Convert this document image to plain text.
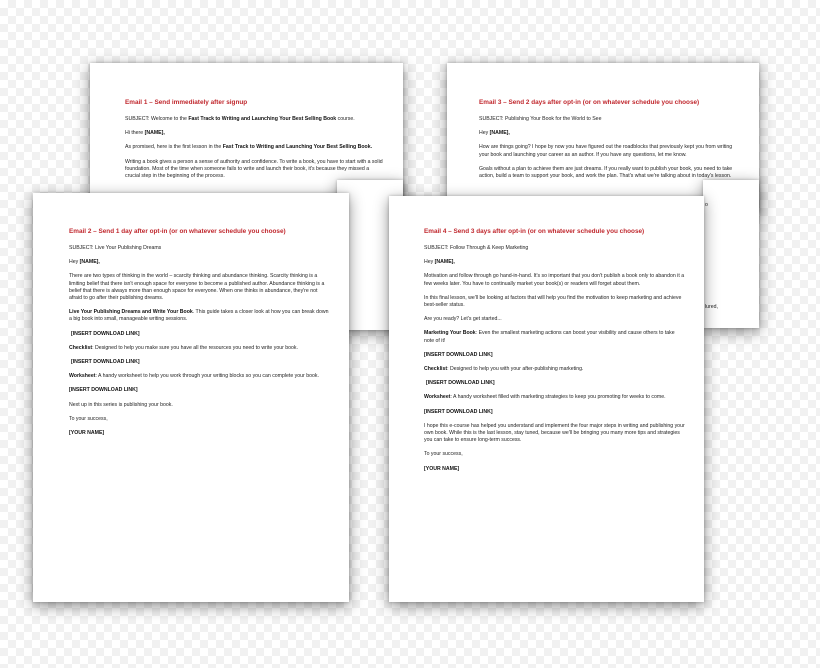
Email 1 – Send immediately after signup
SUBJECT: Welcome to the Fast Track to Writing and Launching Your Best Selling Book course.
Hi there [NAME],
As promised, here is the first lesson in the Fast Track to Writing and Launching Your Best Selling Book.
Writing a book gives a person a sense of authority and confidence. To write a book, you have to start with a solid foundation. Most of the time when someone fails to write and launch their book, it's because they missed a crucial step in the beginning of the process.
Email 3 – Send 2 days after opt-in (or on whatever schedule you choose)
SUBJECT: Publishing Your Book for the World to See
Hey [NAME],
How are things going? I hope by now you have figured out the roadblocks that previously kept you from writing your book and launching your career as an author. If you have any questions, let me know.
Goals without a plan to achieve them are just dreams. If you really want to publish your book, you need to take action, build a team to support your book, and work the plan. That's what we're talking about in today's lesson.
o
lured,
Email 2 – Send 1 day after opt-in (or on whatever schedule you choose)
SUBJECT: Live Your Publishing Dreams
Hey [NAME],
There are two types of thinking in the world – scarcity thinking and abundance thinking. Scarcity thinking is a limiting belief that there isn't enough space for everyone to become a published author. Abundance thinking is a belief that there is always more than enough space for everyone. When one thinks in abundance, they're not afraid to go after their publishing dreams.
Live Your Publishing Dreams and Write Your Book. This guide takes a closer look at how you can break down a big book into small, manageable writing sessions.
[INSERT DOWNLOAD LINK]
Checklist: Designed to help you make sure you have all the resources you need to write your book.
[INSERT DOWNLOAD LINK]
Worksheet: A handy worksheet to help you work through your writing blocks so you can complete your book.
[INSERT DOWNLOAD LINK]
Next up in this series is publishing your book.
To your success,
[YOUR NAME]
Email 4 – Send 3 days after opt-in (or on whatever schedule you choose)
SUBJECT: Follow Through & Keep Marketing
Hey [NAME],
Motivation and follow through go hand-in-hand. It's so important that you don't publish a book only to abandon it a few weeks later. You have to continually market your book(s) or readers will forget about them.
In this final lesson, we'll be looking at factors that will help you find the motivation to keep marketing and achieve best-seller status.
Are you ready? Let's get started...
Marketing Your Book: Even the smallest marketing actions can boost your visibility and cause others to take note of it!
[INSERT DOWNLOAD LINK]
Checklist: Designed to help you with your after-publishing marketing.
[INSERT DOWNLOAD LINK]
Worksheet: A handy worksheet filled with marketing strategies to keep you promoting for weeks to come.
[INSERT DOWNLOAD LINK]
I hope this e-course has helped you understand and implement the four major steps in writing and publishing your own book. While this is the last lesson, stay tuned, because we'll be bringing you many more tips and strategies you can take to ensure long-term success.
To your success,
[YOUR NAME]
